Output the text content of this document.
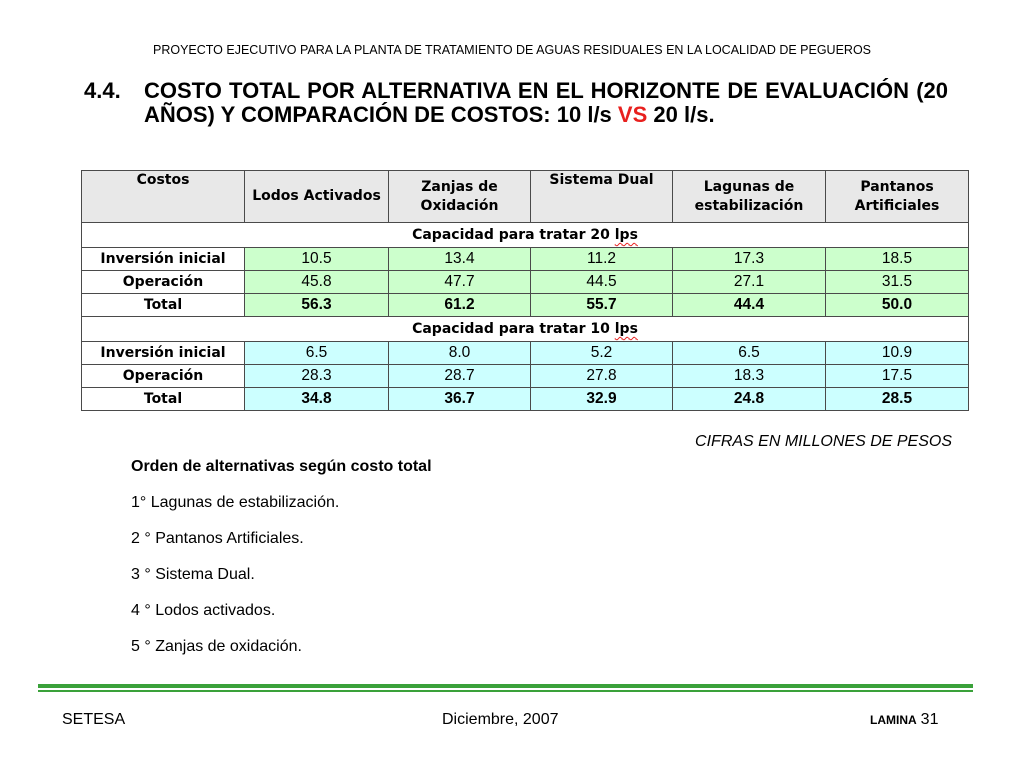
PROYECTO EJECUTIVO PARA LA PLANTA DE TRATAMIENTO DE AGUAS RESIDUALES EN LA LOCALIDAD DE PEGUEROS
4.4. COSTO TOTAL POR ALTERNATIVA EN EL HORIZONTE DE EVALUACIÓN (20 AÑOS) Y COMPARACIÓN DE COSTOS: 10 l/s VS 20 l/s.
Costos	Lodos Activados	Zanjas de Oxidación	Sistema Dual	Lagunas de estabilización	Pantanos Artificiales
Capacidad para tratar 20 lps					
Inversión inicial	10.5	13.4	11.2	17.3	18.5
Operación	45.8	47.7	44.5	27.1	31.5
Total	56.3	61.2	55.7	44.4	50.0
Capacidad para tratar 10 lps					
Inversión inicial	6.5	8.0	5.2	6.5	10.9
Operación	28.3	28.7	27.8	18.3	17.5
Total	34.8	36.7	32.9	24.8	28.5
CIFRAS EN MILLONES DE PESOS
Orden de alternativas según costo total
1° Lagunas de estabilización.
2 ° Pantanos Artificiales.
3 ° Sistema Dual.
4 ° Lodos activados.
5 ° Zanjas de oxidación.
SETESA	Diciembre, 2007	LAMINA 31
